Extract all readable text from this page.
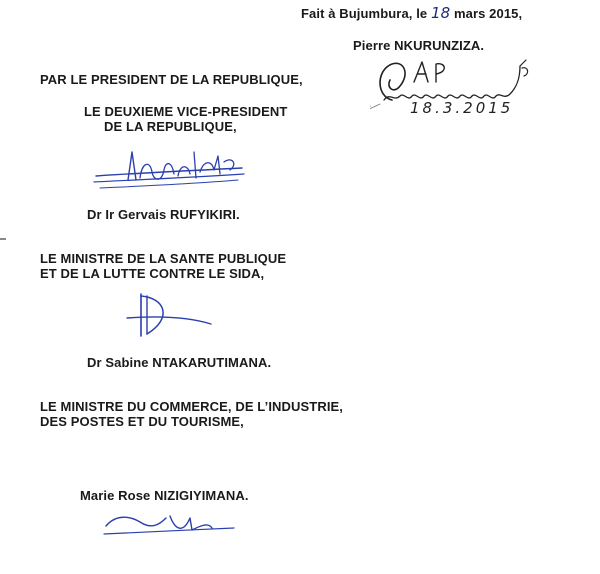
Fait à Bujumbura, le 18 mars 2015,
Pierre NKURUNZIZA.
18.3.2015
PAR LE PRESIDENT DE LA REPUBLIQUE,
LE DEUXIEME VICE-PRESIDENT
DE LA REPUBLIQUE,
Dr Ir Gervais RUFYIKIRI.
LE MINISTRE DE LA SANTE PUBLIQUE
ET DE LA LUTTE CONTRE LE SIDA,
Dr Sabine NTAKARUTIMANA.
LE MINISTRE DU COMMERCE, DE L’INDUSTRIE,
DES POSTES ET DU TOURISME,
Marie Rose NIZIGIYIMANA.
